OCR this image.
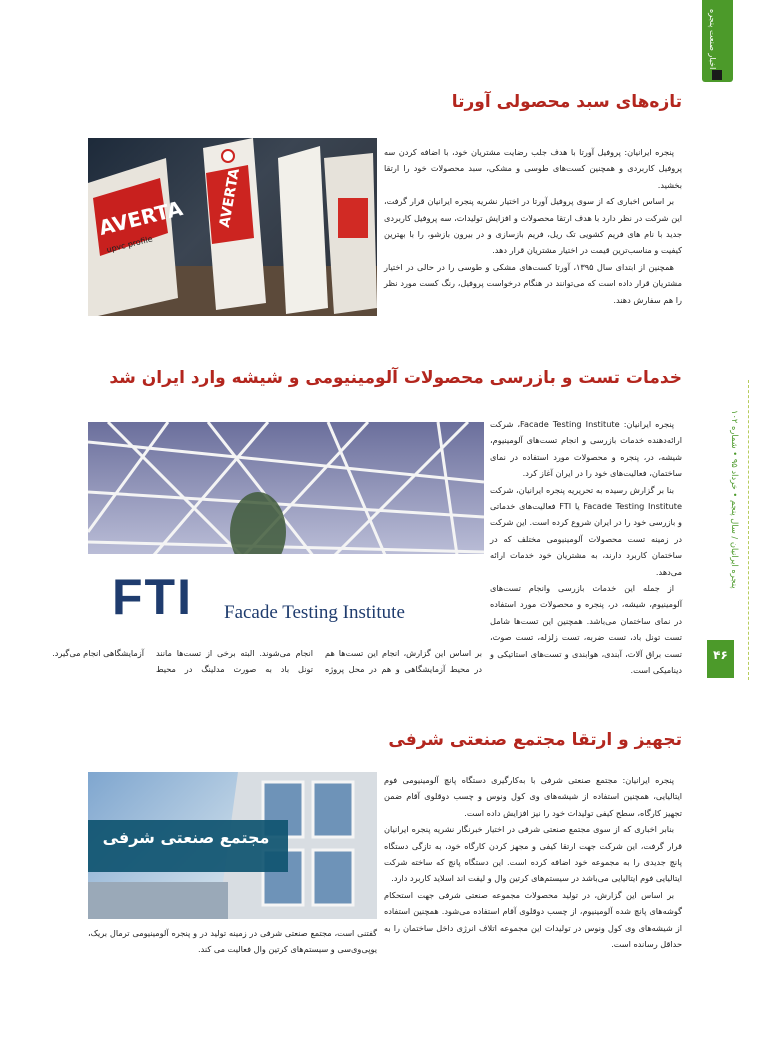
اخبار صنعت پنجره
پنجره ایرانیان / سال پنجم • خرداد ۹۵ • شماره ۱۰۲
۴۶
تازه‌های سبد محصولی آورتا
AVERTA AVERTA
upvc profile

پنجره ایرانیان: پروفیل آورتا با هدف جلب رضایت مشتریان خود، با اضافه کردن سه پروفیل کاربردی و همچنین کست‌های طوسی و مشکی، سبد محصولات خود را ارتقا بخشید.

بر اساس اخباری که از سوی پروفیل آورتا در اختیار نشریه پنجره ایرانیان قرار گرفت، این شرکت در نظر دارد با هدف ارتقا محصولات و افزایش تولیدات، سه پروفیل کاربردی جدید با نام های فریم کشویی تک ریل، فریم بازسازی و در بیرون بازشو، را با بهترین کیفیت و مناسب‌ترین قیمت در اختیار مشتریان قرار دهد.

همچنین از ابتدای سال ۱۳۹۵، آورتا کست‌های مشکی و طوسی را در حالی در اختیار مشتریان قرار داده است که می‌توانند در هنگام درخواست پروفیل، رنگ کست مورد نظر را هم سفارش دهند.

خدمات تست و بازرسی محصولات آلومینیومی و شیشه وارد ایران شد
FTI Facade Testing Institute

پنجره ایرانیان: Facade Testing Institute، شرکت ارائه‌دهنده خدمات بازرسی و انجام تست‌های آلومینیوم، شیشه، در، پنجره و محصولات مورد استفاده در نمای ساختمان، فعالیت‌های خود را در ایران آغاز کرد.

بنا بر گزارش رسیده به تحریریه پنجره ایرانیان، شرکت Facade Testing Institute یا FTI فعالیت‌های خدماتی و بازرسی خود را در ایران شروع کرده است. این شرکت در زمینه تست محصولات آلومینیومی مختلف که در ساختمان کاربرد دارند، به مشتریان خود خدمات ارائه می‌دهد.

از جمله این خدمات بازرسی وانجام تست‌های آلومینیوم، شیشه، در، پنجره و محصولات مورد استفاده در نمای ساختمان می‌باشد. همچنین این تست‌ها شامل تست تونل باد، تست ضربه، تست زلزله، تست صوت، تست براق آلات، آبندی، هوابندی و تست‌های استاتیکی و دینامیکی است.

بر اساس این گزارش، انجام این تست‌ها هم در محیط آزمایشگاهی و هم در محل پروژه انجام می‌شوند. البته برخی از تست‌ها مانند تونل باد به صورت مدلینگ در محیط آزمایشگاهی انجام می‌گیرد.
تجهیز و ارتقا مجتمع صنعتی شرفی
مجتمع صنعتی شرفی
گفتنی است، مجتمع صنعتی شرفی در زمینه تولید در و پنجره آلومینیومی ترمال بریک، یوپی‌وی‌سی و سیستم‌های کرتین وال فعالیت می کند.

پنجره ایرانیان: مجتمع صنعتی شرفی با به‌کارگیری دستگاه پانچ آلومینیومی فوم ایتالیایی، همچنین استفاده از شیشه‌های وی کول ونوس و چسب دوقلوی آقام ضمن تجهیز کارگاه، سطح کیفی تولیدات خود را نیز افزایش داده است.

بنابر اخباری که از سوی مجتمع صنعتی شرفی در اختیار خبرنگار نشریه پنجره ایرانیان قرار گرفت، این شرکت جهت ارتقا کیفی و مجهز کردن کارگاه خود، به تازگی دستگاه پانچ جدیدی را به مجموعه خود اضافه کرده است. این دستگاه پانچ که ساخته شرکت ایتالیایی فوم ایتالیایی می‌باشد در سیستم‌های کرتین وال و لیفت اند اسلاید کاربرد دارد.

بر اساس این گزارش، در تولید محصولات مجموعه صنعتی شرفی جهت استحکام گوشه‌های پانچ شده آلومینیوم، از چسب دوقلوی آقام استفاده می‌شود. همچنین استفاده از شیشه‌های وی کول ونوس در تولیدات این مجموعه اتلاف انرژی داخل ساختمان را به حداقل رسانده است.
